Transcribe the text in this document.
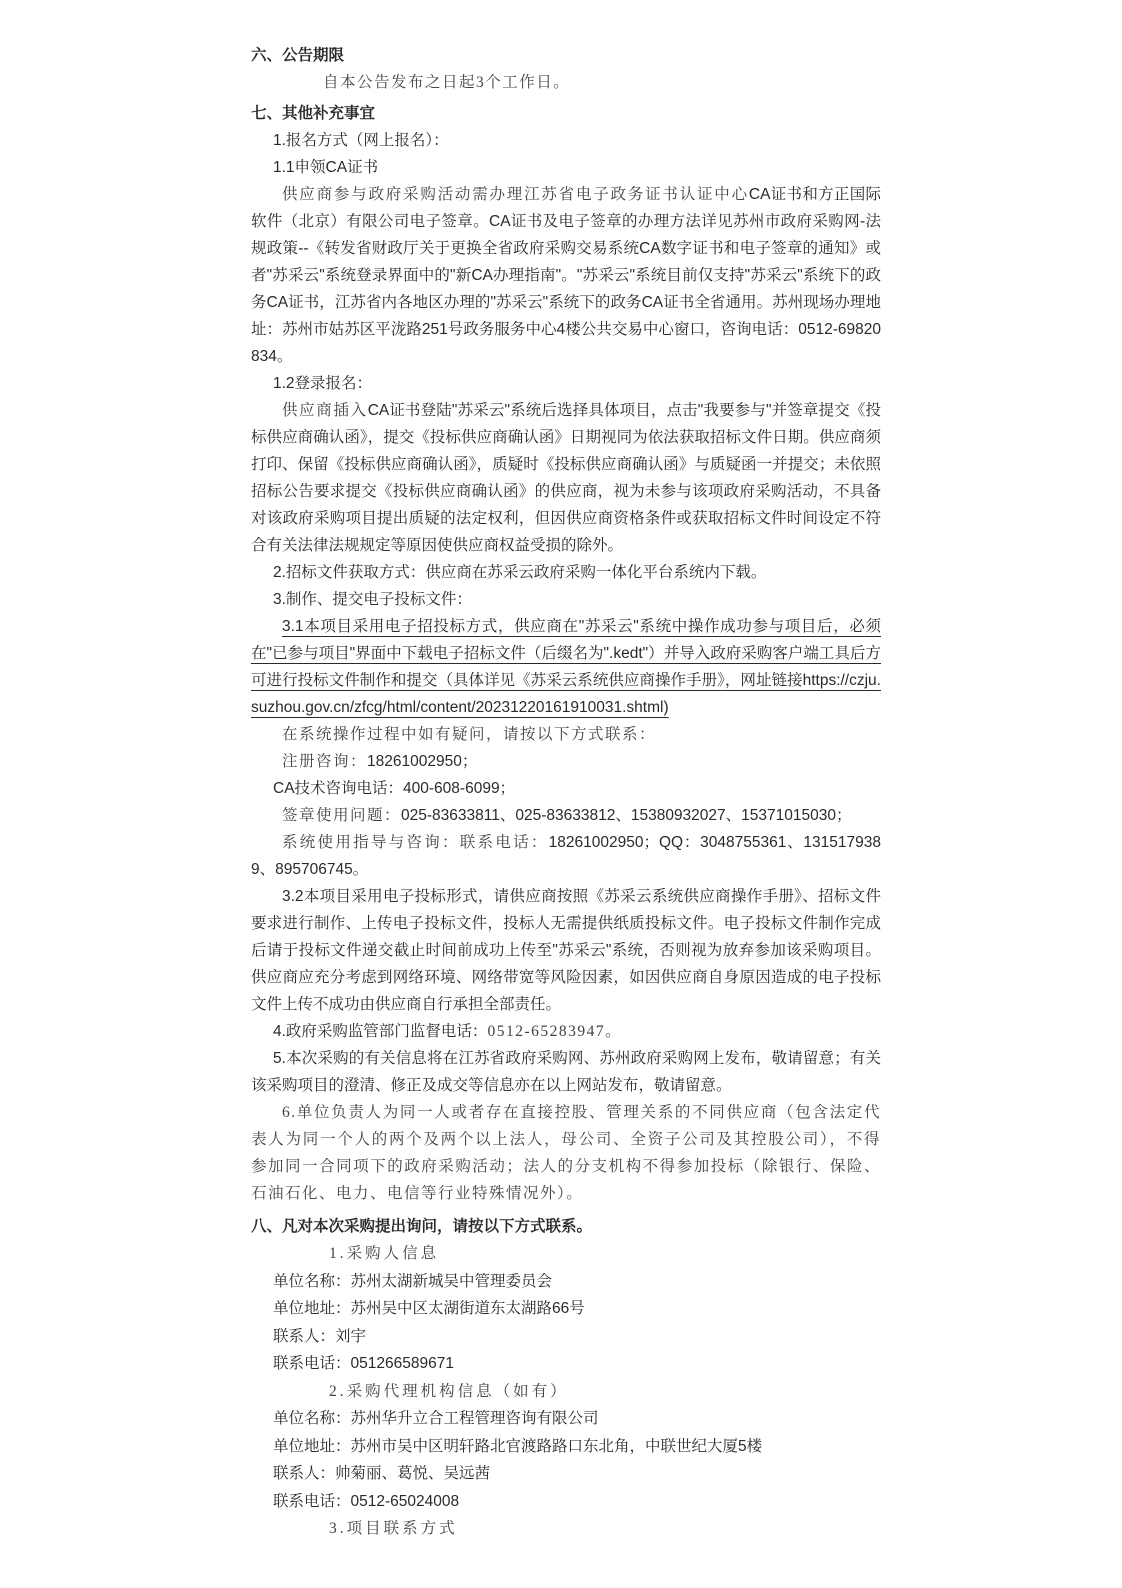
六、公告期限

自本公告发布之日起3个工作日。

七、其他补充事宜

1.报名方式（网上报名）：

1.1申领CA证书

供应商参与政府采购活动需办理江苏省电子政务证书认证中心CA证书和方正国际软件（北京）有限公司电子签章。CA证书及电子签章的办理方法详见苏州市政府采购网-法规政策--《转发省财政厅关于更换全省政府采购交易系统CA数字证书和电子签章的通知》或者"苏采云"系统登录界面中的"新CA办理指南"。"苏采云"系统目前仅支持"苏采云"系统下的政务CA证书，江苏省内各地区办理的"苏采云"系统下的政务CA证书全省通用。苏州现场办理地址：苏州市姑苏区平泷路251号政务服务中心4楼公共交易中心窗口，咨询电话：0512-69820834。

1.2登录报名：

供应商插入CA证书登陆"苏采云"系统后选择具体项目，点击"我要参与"并签章提交《投标供应商确认函》，提交《投标供应商确认函》日期视同为依法获取招标文件日期。供应商须打印、保留《投标供应商确认函》，质疑时《投标供应商确认函》与质疑函一并提交；未依照招标公告要求提交《投标供应商确认函》的供应商，视为未参与该项政府采购活动，不具备对该政府采购项目提出质疑的法定权利，但因供应商资格条件或获取招标文件时间设定不符合有关法律法规规定等原因使供应商权益受损的除外。

2.招标文件获取方式：供应商在苏采云政府采购一体化平台系统内下载。

3.制作、提交电子投标文件：

3.1本项目采用电子招投标方式，供应商在"苏采云"系统中操作成功参与项目后，必须在"已参与项目"界面中下载电子招标文件（后缀名为".kedt"）并导入政府采购客户端工具后方可进行投标文件制作和提交（具体详见《苏采云系统供应商操作手册》，网址链接https://czju.suzhou.gov.cn/zfcg/html/content/20231220161910031.shtml)

在系统操作过程中如有疑问，请按以下方式联系：

注册咨询：18261002950；

CA技术咨询电话：400-608-6099；

签章使用问题：025-83633811、025-83633812、15380932027、15371015030；

系统使用指导与咨询：联系电话：18261002950；QQ：3048755361、1315179389、895706745。

3.2本项目采用电子投标形式，请供应商按照《苏采云系统供应商操作手册》、招标文件要求进行制作、上传电子投标文件，投标人无需提供纸质投标文件。电子投标文件制作完成后请于投标文件递交截止时间前成功上传至"苏采云"系统，否则视为放弃参加该采购项目。供应商应充分考虑到网络环境、网络带宽等风险因素，如因供应商自身原因造成的电子投标文件上传不成功由供应商自行承担全部责任。

4.政府采购监管部门监督电话：0512-65283947。

5.本次采购的有关信息将在江苏省政府采购网、苏州政府采购网上发布，敬请留意；有关该采购项目的澄清、修正及成交等信息亦在以上网站发布，敬请留意。

6.单位负责人为同一人或者存在直接控股、管理关系的不同供应商（包含法定代表人为同一个人的两个及两个以上法人，母公司、全资子公司及其控股公司），不得参加同一合同项下的政府采购活动；法人的分支机构不得参加投标（除银行、保险、石油石化、电力、电信等行业特殊情况外）。

八、凡对本次采购提出询问，请按以下方式联系。

1.采购人信息

单位名称：苏州太湖新城吴中管理委员会

单位地址：苏州吴中区太湖街道东太湖路66号

联系人：刘宇

联系电话：051266589671

2.采购代理机构信息（如有）

单位名称：苏州华升立合工程管理咨询有限公司

单位地址：苏州市吴中区明轩路北官渡路路口东北角，中联世纪大厦5楼

联系人：帅菊丽、葛悦、吴远茜

联系电话：0512-65024008

3.项目联系方式
